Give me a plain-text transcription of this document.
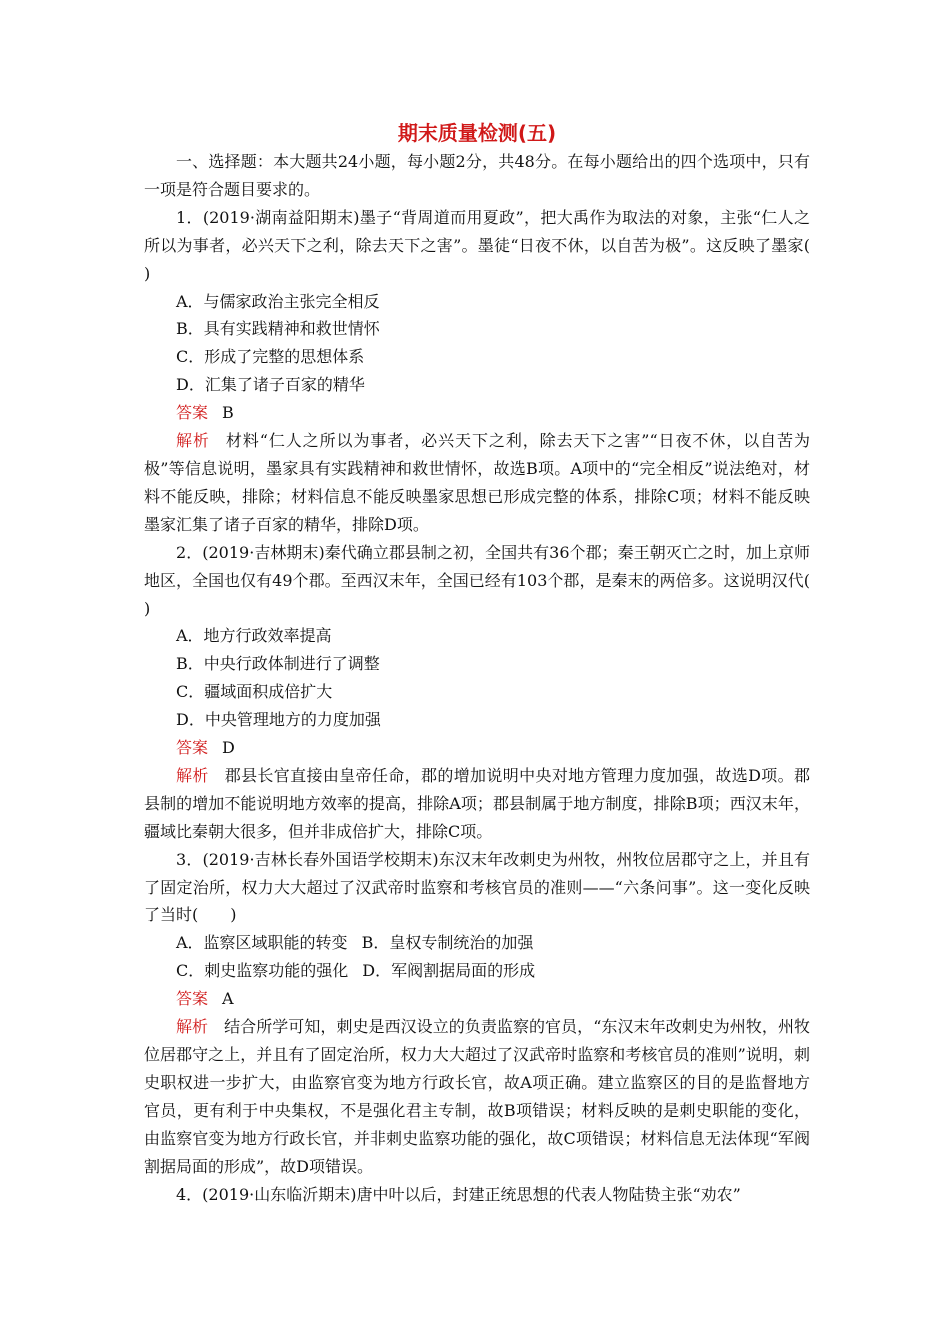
期末质量检测(五)

一、选择题：本大题共24小题，每小题2分，共48分。在每小题给出的四个选项中，只有一项是符合题目要求的。

1．(2019·湖南益阳期末)墨子“背周道而用夏政”，把大禹作为取法的对象，主张“仁人之所以为事者，必兴天下之利，除去天下之害”。墨徒“日夜不休，以自苦为极”。这反映了墨家(　　)

A．与儒家政治主张完全相反

B．具有实践精神和救世情怀

C．形成了完整的思想体系

D．汇集了诸子百家的精华

答案 B

解析 材料“仁人之所以为事者，必兴天下之利，除去天下之害”“日夜不休，以自苦为极”等信息说明，墨家具有实践精神和救世情怀，故选B项。A项中的“完全相反”说法绝对，材料不能反映，排除；材料信息不能反映墨家思想已形成完整的体系，排除C项；材料不能反映墨家汇集了诸子百家的精华，排除D项。

2．(2019·吉林期末)秦代确立郡县制之初，全国共有36个郡；秦王朝灭亡之时，加上京师地区，全国也仅有49个郡。至西汉末年，全国已经有103个郡，是秦末的两倍多。这说明汉代(　　)

A．地方行政效率提高

B．中央行政体制进行了调整

C．疆域面积成倍扩大

D．中央管理地方的力度加强

答案 D

解析 郡县长官直接由皇帝任命，郡的增加说明中央对地方管理力度加强，故选D项。郡县制的增加不能说明地方效率的提高，排除A项；郡县制属于地方制度，排除B项；西汉末年，疆域比秦朝大很多，但并非成倍扩大，排除C项。

3．(2019·吉林长春外国语学校期末)东汉末年改刺史为州牧，州牧位居郡守之上，并且有了固定治所，权力大大超过了汉武帝时监察和考核官员的准则——“六条问事”。这一变化反映了当时(　　)

A．监察区域职能的转变 B．皇权专制统治的加强

C．刺史监察功能的强化 D．军阀割据局面的形成

答案 A

解析 结合所学可知，刺史是西汉设立的负责监察的官员，“东汉末年改刺史为州牧，州牧位居郡守之上，并且有了固定治所，权力大大超过了汉武帝时监察和考核官员的准则”说明，刺史职权进一步扩大，由监察官变为地方行政长官，故A项正确。建立监察区的目的是监督地方官员，更有利于中央集权，不是强化君主专制，故B项错误；材料反映的是刺史职能的变化，由监察官变为地方行政长官，并非刺史监察功能的强化，故C项错误；材料信息无法体现“军阀割据局面的形成”，故D项错误。

4．(2019·山东临沂期末)唐中叶以后，封建正统思想的代表人物陆贽主张“劝农”
